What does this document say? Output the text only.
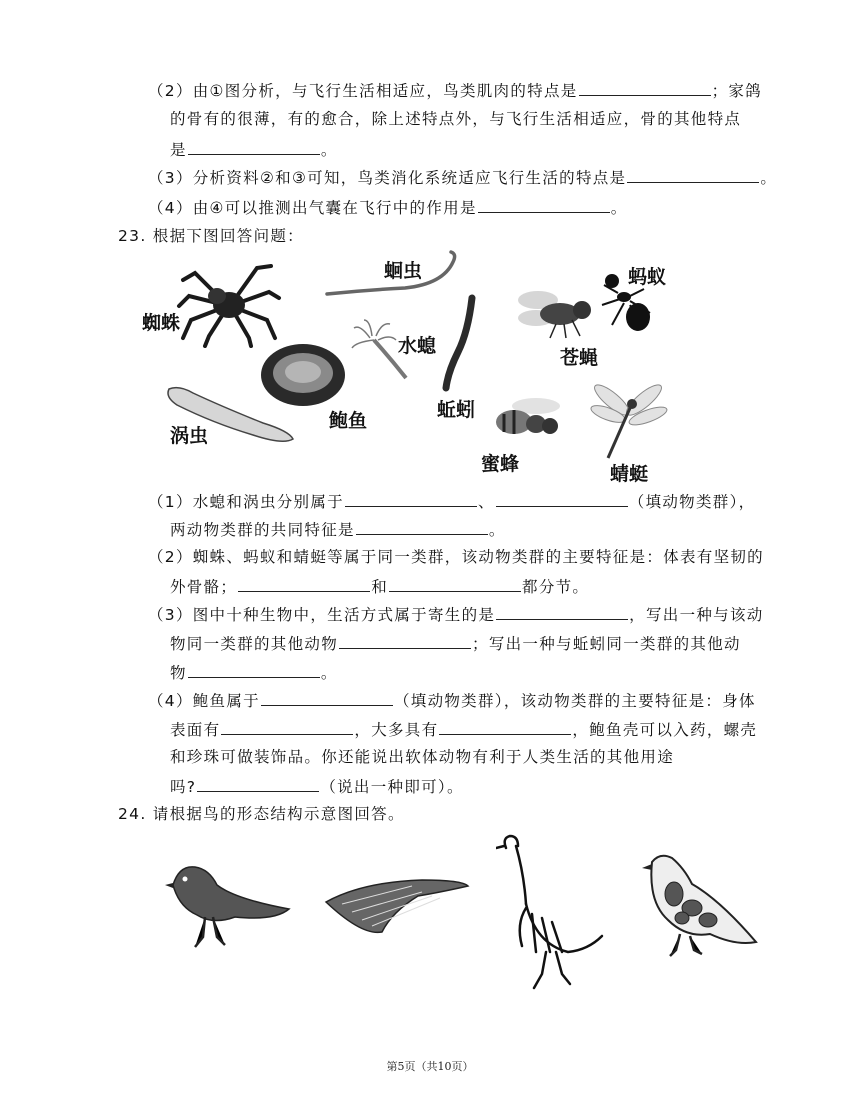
（2）由①图分析，与飞行生活相适应，鸟类肌肉的特点是	；家鸽
的骨有的很薄，有的愈合，除上述特点外，与飞行生活相适应，骨的其他特点
是	。
（3）分析资料②和③可知，鸟类消化系统适应飞行生活的特点是	。
（4）由④可以推测出气囊在飞行中的作用是	。
23. 根据下图回答问题：
蜘蛛
蛔虫	蚂蚁
水螅
蚯蚓
苍蝇
鲍鱼
涡虫
蜜蜂	蜻蜓
（1）水螅和涡虫分别属于	、	（填动物类群），
两动物类群的共同特征是	。
（2）蜘蛛、蚂蚁和蜻蜓等属于同一类群，该动物类群的主要特征是：体表有坚韧的
外骨骼；	和	都分节。
（3）图中十种生物中，生活方式属于寄生的是	，写出一种与该动
物同一类群的其他动物	；写出一种与蚯蚓同一类群的其他动
物	。
（4）鲍鱼属于	（填动物类群），该动物类群的主要特征是：身体
表面有	，大多具有	，鲍鱼壳可以入药，螺壳
和珍珠可做装饰品。你还能说出软体动物有利于人类生活的其他用途
吗?	（说出一种即可）。
24. 请根据鸟的形态结构示意图回答。
第5页（共10页）
